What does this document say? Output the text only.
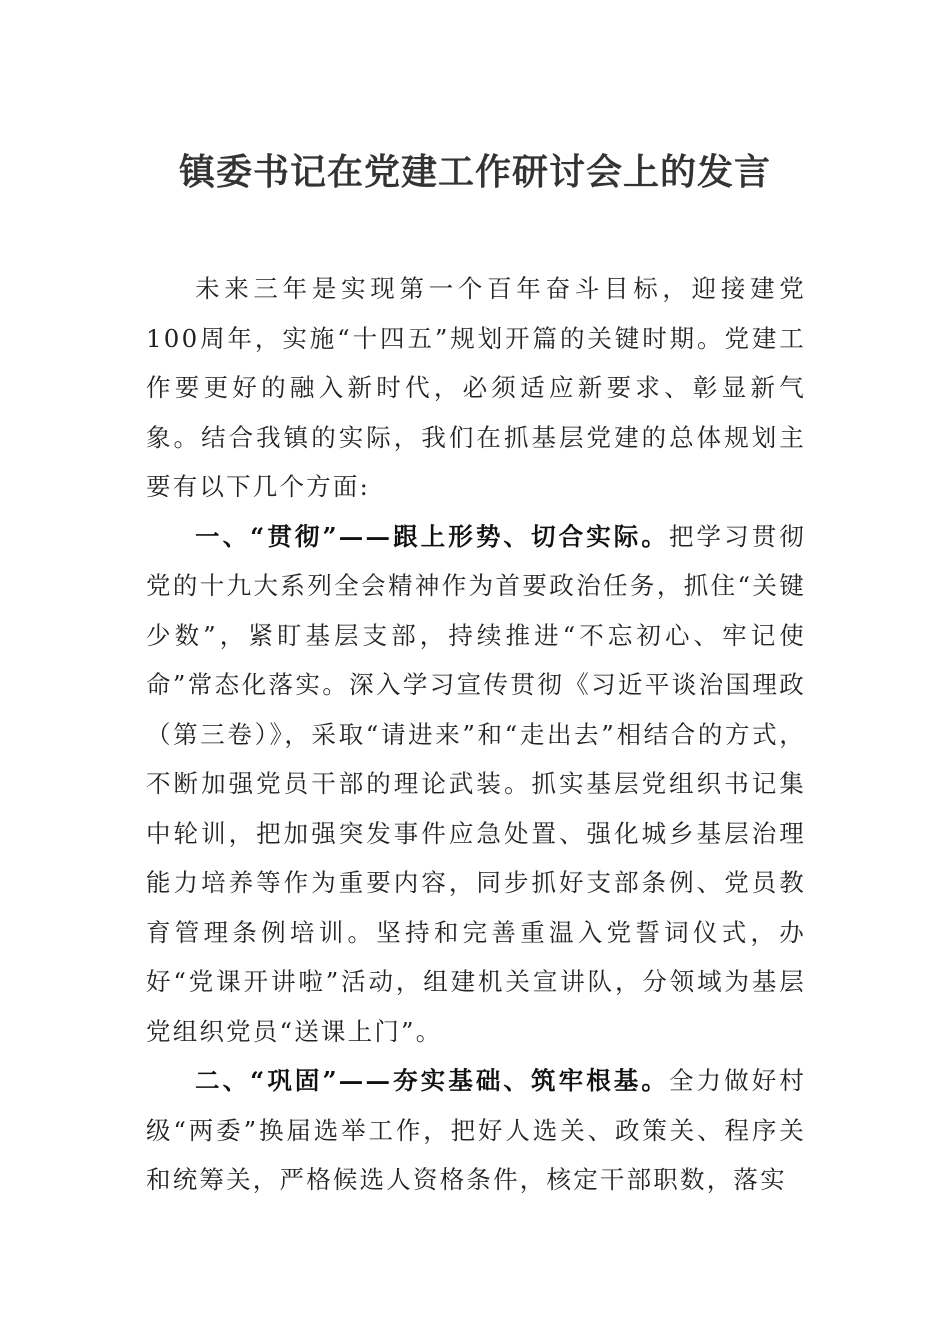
镇委书记在党建工作研讨会上的发言

未来三年是实现第一个百年奋斗目标，迎接建党100周年，实施“十四五”规划开篇的关键时期。党建工作要更好的融入新时代，必须适应新要求、彰显新气象。结合我镇的实际，我们在抓基层党建的总体规划主要有以下几个方面:

一、“贯彻”——跟上形势、切合实际。把学习贯彻党的十九大系列全会精神作为首要政治任务，抓住“关键少数”，紧盯基层支部，持续推进“不忘初心、牢记使命”常态化落实。深入学习宣传贯彻《习近平谈治国理政（第三卷）》，采取“请进来”和“走出去”相结合的方式，不断加强党员干部的理论武装。抓实基层党组织书记集中轮训，把加强突发事件应急处置、强化城乡基层治理能力培养等作为重要内容，同步抓好支部条例、党员教育管理条例培训。坚持和完善重温入党誓词仪式，办好“党课开讲啦”活动，组建机关宣讲队，分领域为基层党组织党员“送课上门”。

二、“巩固”——夯实基础、筑牢根基。全力做好村级“两委”换届选举工作，把好人选关、政策关、程序关和统筹关，严格候选人资格条件，核定干部职数，落实
